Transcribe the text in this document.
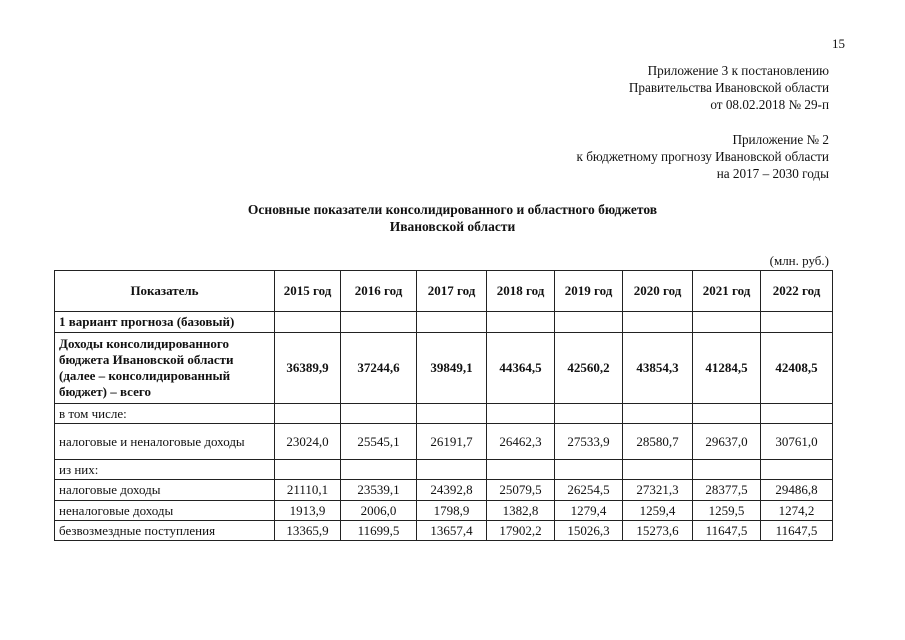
15
Приложение 3 к постановлению
Правительства Ивановской области
от 08.02.2018 № 29-п
Приложение № 2
к бюджетному прогнозу Ивановской области
на 2017 – 2030 годы
Основные показатели консолидированного и областного бюджетов
Ивановской области
(млн. руб.)
Показатель	2015 год	2016 год	2017 год	2018 год	2019 год	2020 год	2021 год	2022 год
1 вариант прогноза (базовый)								
Доходы консолидированного бюджета Ивановской области (далее – консолидированный бюджет) – всего	36389,9	37244,6	39849,1	44364,5	42560,2	43854,3	41284,5	42408,5
в том числе:								
налоговые и неналоговые доходы	23024,0	25545,1	26191,7	26462,3	27533,9	28580,7	29637,0	30761,0
из них:								
налоговые доходы	21110,1	23539,1	24392,8	25079,5	26254,5	27321,3	28377,5	29486,8
неналоговые доходы	1913,9	2006,0	1798,9	1382,8	1279,4	1259,4	1259,5	1274,2
безвозмездные поступления	13365,9	11699,5	13657,4	17902,2	15026,3	15273,6	11647,5	11647,5
